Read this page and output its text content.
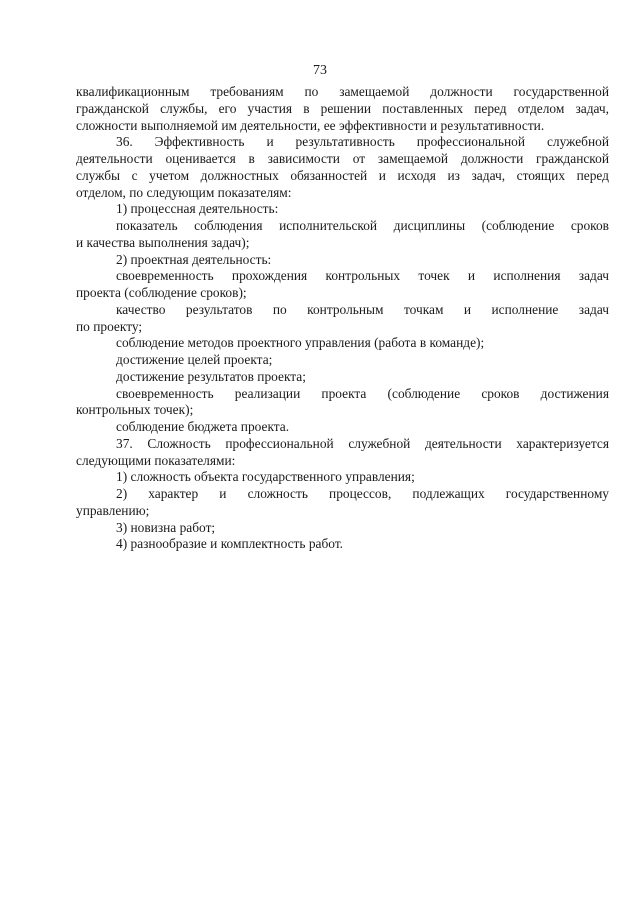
73
квалификационным требованиям по замещаемой должности государственной
гражданской службы, его участия в решении поставленных перед отделом задач,
сложности выполняемой им деятельности, ее эффективности и результативности.
36. Эффективность и результативность профессиональной служебной
деятельности оценивается в зависимости от замещаемой должности гражданской
службы с учетом должностных обязанностей и исходя из задач, стоящих перед
отделом, по следующим показателям:
1) процессная деятельность:
показатель соблюдения исполнительской дисциплины (соблюдение сроков
и качества выполнения задач);
2) проектная деятельность:
своевременность прохождения контрольных точек и исполнения задач
проекта (соблюдение сроков);
качество результатов по контрольным точкам и исполнение задач
по проекту;
соблюдение методов проектного управления (работа в команде);
достижение целей проекта;
достижение результатов проекта;
своевременность реализации проекта (соблюдение сроков достижения
контрольных точек);
соблюдение бюджета проекта.
37. Сложность профессиональной служебной деятельности характеризуется
следующими показателями:
1) сложность объекта государственного управления;
2) характер и сложность процессов, подлежащих государственному
управлению;
3) новизна работ;
4) разнообразие и комплектность работ.
